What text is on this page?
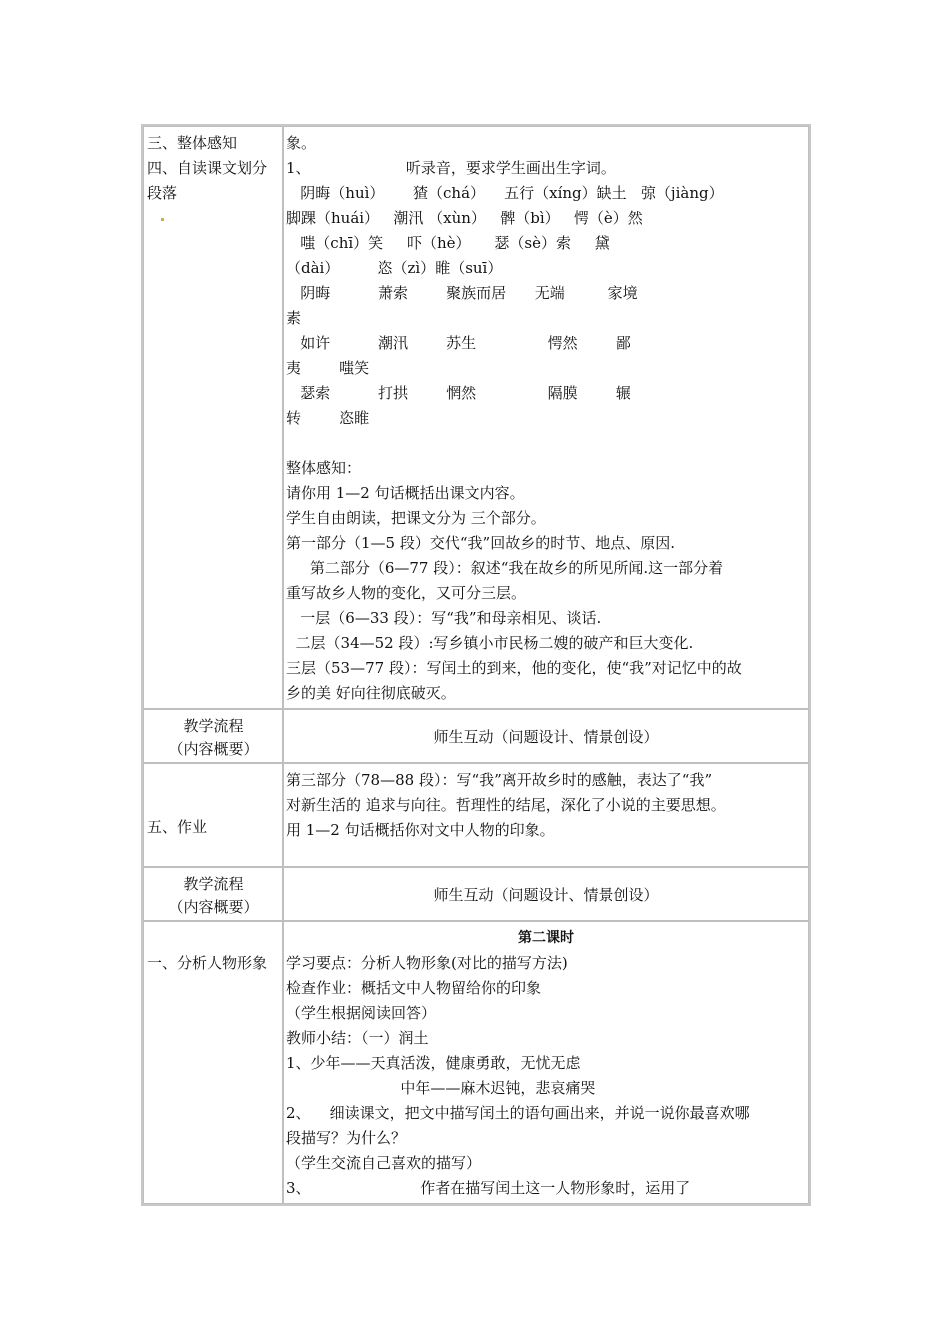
三、整体感知
四、自读课文划分
段落
象。
1、                    听录音，要求学生画出生字词。
阴晦（huì）      猹（chá）    五行（xíng）缺土   弶（jiàng）
脚踝（huái）   潮汛 （xùn）   髀（bì）   愕（è）然
嗤（chī）笑     吓（hè）     瑟（sè）索     黛
（dài）        恣（zì）睢（suī）
阴晦          萧索        聚族而居      无端         家境
素
如许          潮汛        苏生               愕然        鄙
夷        嗤笑
瑟索          打拱        惘然               隔膜        辗
转        恣睢
整体感知：
请你用 1—2 句话概括出课文内容。
学生自由朗读，把课文分为 三个部分。
第一部分（1—5 段）交代“我”回故乡的时节、地点、原因.
第二部分（6—77 段）：叙述“我在故乡的所见所闻.这一部分着
重写故乡人物的变化，又可分三层。
一层（6—33 段）：写“我”和母亲相见、谈话.
二层（34—52 段）:写乡镇小市民杨二嫂的破产和巨大变化.
三层（53—77 段）：写闰土的到来，他的变化，使“我”对记忆中的故
乡的美 好向往彻底破灭。
教学流程
（内容概要）
师生互动（问题设计、情景创设）
五、作业
第三部分（78—88 段）：写“我”离开故乡时的感触，表达了“我”
对新生活的 追求与向往。哲理性的结尾，深化了小说的主要思想。
用 1—2 句话概括你对文中人物的印象。
教学流程
（内容概要）
师生互动（问题设计、情景创设）
一、分析人物形象
第二课时
学习要点：分析人物形象(对比的描写方法)
检查作业：概括文中人物留给你的印象
（学生根据阅读回答）
教师小结：（一）润土
1、少年——天真活泼，健康勇敢，无忧无虑
中年——麻木迟钝，悲哀痛哭
2、    细读课文，把文中描写闰土的语句画出来，并说一说你最喜欢哪
段描写？为什么？
（学生交流自己喜欢的描写）
3、                       作者在描写闰土这一人物形象时，运用了
